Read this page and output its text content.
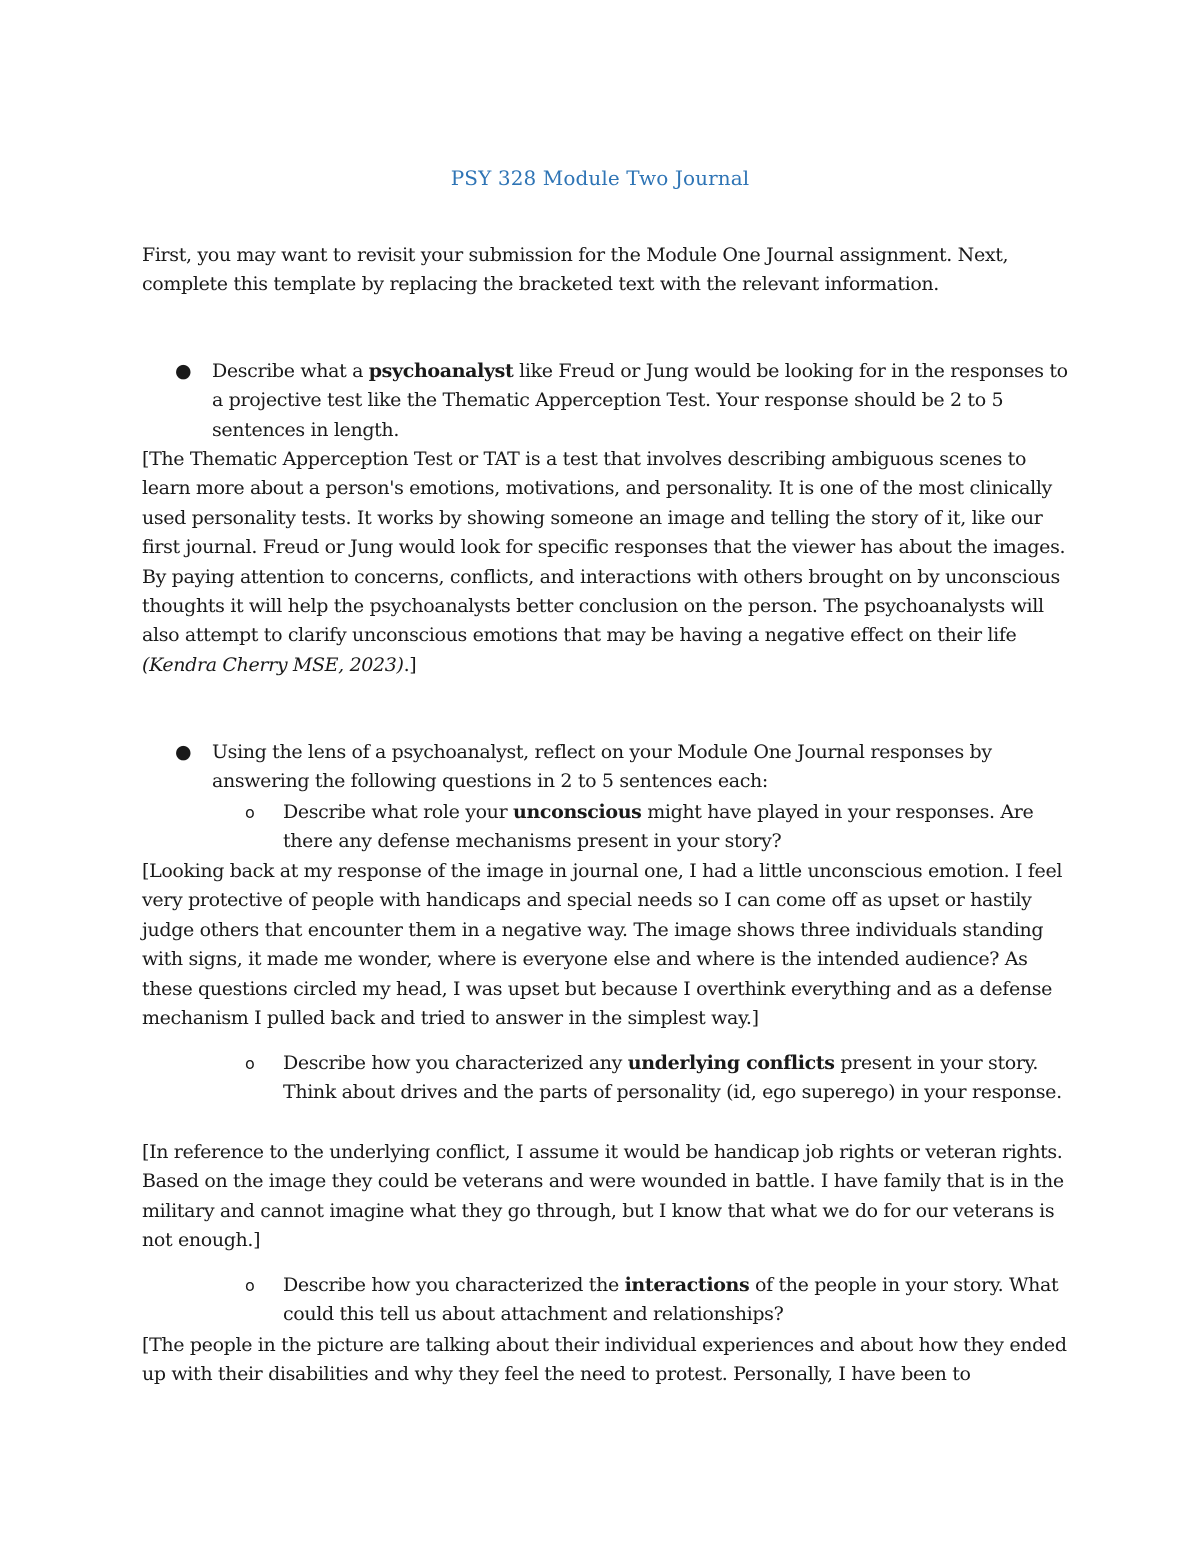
PSY 328 Module Two Journal
First, you may want to revisit your submission for the Module One Journal assignment. Next, complete this template by replacing the bracketed text with the relevant information.
● Describe what a psychoanalyst like Freud or Jung would be looking for in the responses to a projective test like the Thematic Apperception Test. Your response should be 2 to 5 sentences in length.
[The Thematic Apperception Test or TAT is a test that involves describing ambiguous scenes to learn more about a person's emotions, motivations, and personality. It is one of the most clinically used personality tests. It works by showing someone an image and telling the story of it, like our first journal. Freud or Jung would look for specific responses that the viewer has about the images. By paying attention to concerns, conflicts, and interactions with others brought on by unconscious thoughts it will help the psychoanalysts better conclusion on the person. The psychoanalysts will also attempt to clarify unconscious emotions that may be having a negative effect on their life (Kendra Cherry MSE, 2023).]
● Using the lens of a psychoanalyst, reflect on your Module One Journal responses by answering the following questions in 2 to 5 sentences each:
o Describe what role your unconscious might have played in your responses. Are there any defense mechanisms present in your story?
[Looking back at my response of the image in journal one, I had a little unconscious emotion. I feel very protective of people with handicaps and special needs so I can come off as upset or hastily judge others that encounter them in a negative way. The image shows three individuals standing with signs, it made me wonder, where is everyone else and where is the intended audience? As these questions circled my head, I was upset but because I overthink everything and as a defense mechanism I pulled back and tried to answer in the simplest way.]
o Describe how you characterized any underlying conflicts present in your story. Think about drives and the parts of personality (id, ego superego) in your response.
[In reference to the underlying conflict, I assume it would be handicap job rights or veteran rights. Based on the image they could be veterans and were wounded in battle. I have family that is in the military and cannot imagine what they go through, but I know that what we do for our veterans is not enough.]
o Describe how you characterized the interactions of the people in your story. What could this tell us about attachment and relationships?
[The people in the picture are talking about their individual experiences and about how they ended up with their disabilities and why they feel the need to protest. Personally, I have been to
